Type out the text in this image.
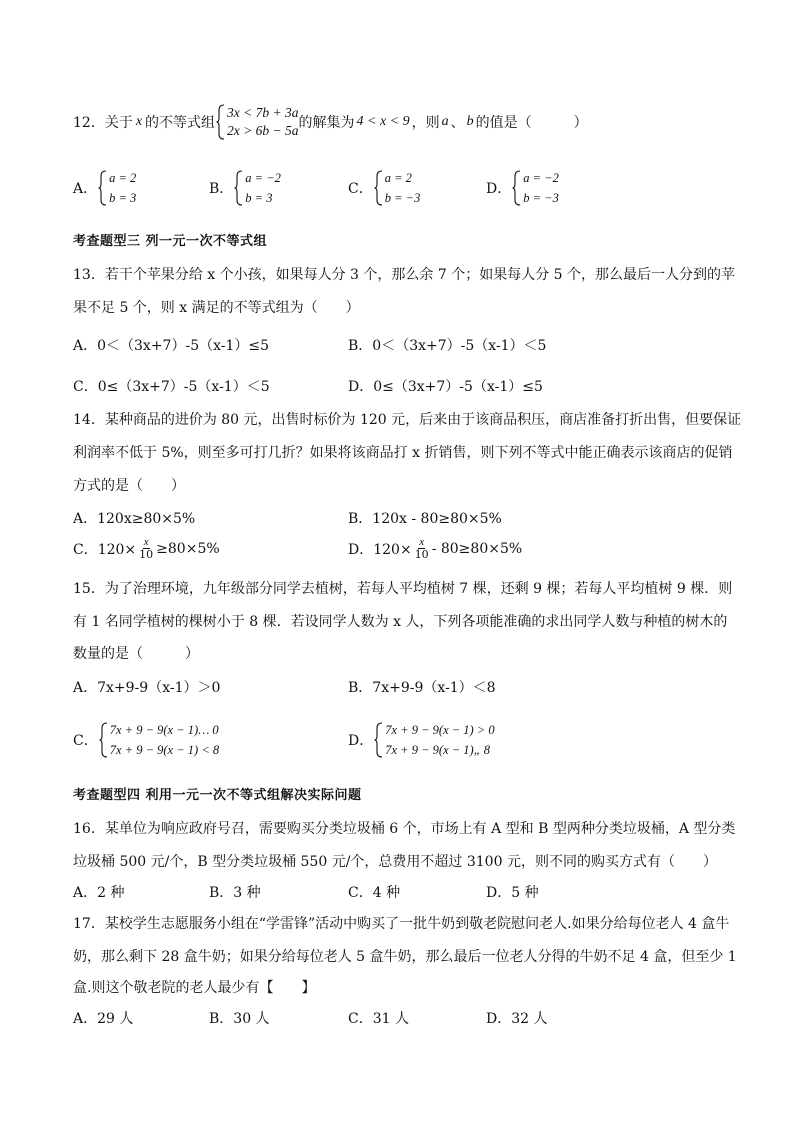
12．关于 x 的不等式组
3x < 7b + 3a
2x > 6b − 5a 的解集为 4 < x < 9 ，则 a 、 b 的值是（　　　）
A．
a = 2
b = 3
B．
a = −2
b = 3
C．
a = 2
b = −3
D．
a = −2
b = −3
考查题型三 列一元一次不等式组
13．若干个苹果分给 x 个小孩，如果每人分 3 个，那么余 7 个；如果每人分 5 个，那么最后一人分到的苹
果不足 5 个，则 x 满足的不等式组为（　　）
A．0＜（3x+7）-5（x-1）≤5	B．0＜（3x+7）-5（x-1）＜5
C．0≤（3x+7）-5（x-1）＜5	D．0≤（3x+7）-5（x-1）≤5
14．某种商品的进价为 80 元，出售时标价为 120 元，后来由于该商品积压，商店准备打折出售，但要保证
利润率不低于 5%，则至多可打几折？如果将该商品打 x 折销售，则下列不等式中能正确表示该商店的促销
方式的是（　　）
A．120x≥80×5%	B．120x - 80≥80×5%
C．$120\times \frac{x}{10} \ge 80\times 5\%$	D．$120\times \frac{x}{10} - 80\ge 80\times 5\%$
15．为了治理环境，九年级部分同学去植树，若每人平均植树 7 棵，还剩 9 棵；若每人平均植树 9 棵．则
有 1 名同学植树的棵树小于 8 棵．若设同学人数为 x 人，下列各项能准确的求出同学人数与种植的树木的
数量的是（　　　）
A．7x+9-9（x-1）＞0	B．7x+9-9（x-1）＜8
C．
7x + 9 − 9(x − 1)… 0
7x + 9 − 9(x − 1) < 8
D．
7x + 9 − 9(x − 1) > 0
7x + 9 − 9(x − 1)„ 8
考查题型四 利用一元一次不等式组解决实际问题
16．某单位为响应政府号召，需要购买分类垃圾桶 6 个，市场上有 A 型和 B 型两种分类垃圾桶，A 型分类
垃圾桶 500 元/个，B 型分类垃圾桶 550 元/个，总费用不超过 3100 元，则不同的购买方式有（　　）
A．2 种	B．3 种	C．4 种	D．5 种
17．某校学生志愿服务小组在“学雷锋”活动中购买了一批牛奶到敬老院慰问老人.如果分给每位老人 4 盒牛
奶，那么剩下 28 盒牛奶；如果分给每位老人 5 盒牛奶，那么最后一位老人分得的牛奶不足 4 盒，但至少 1
盒.则这个敬老院的老人最少有【　　】
A．29 人	B．30 人	C．31 人	D．32 人
